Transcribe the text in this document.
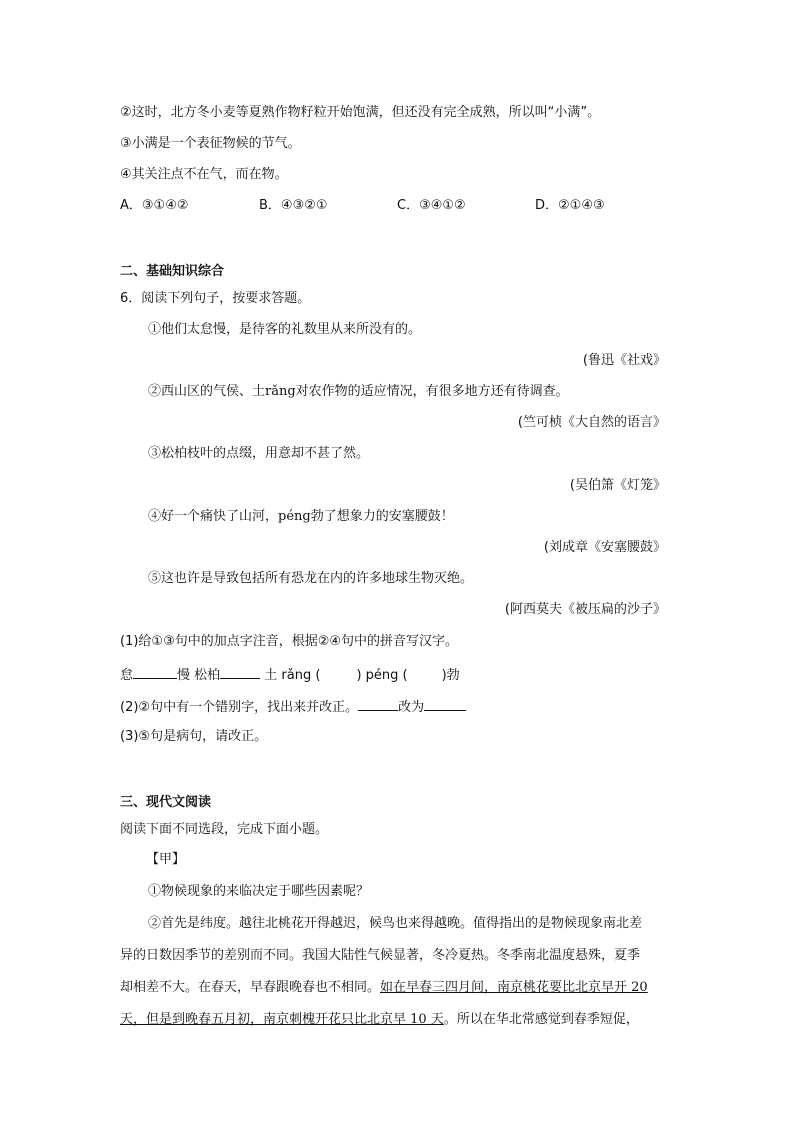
②这时，北方冬小麦等夏熟作物籽粒开始饱满，但还没有完全成熟，所以叫“小满”。
③小满是一个表征物候的节气。
④其关注点不在气，而在物。
A．③①④②	B．④③②①	C．③④①②	D．②①④③
二、基础知识综合
6．阅读下列句子，按要求答题。
①他们太怠慢，是待客的礼数里从来所没有的。
(鲁迅《社戏》
②西山区的气侯、土rǎng对农作物的适应情况，有很多地方还有待调查。
(竺可桢《大自然的语言》
③松柏枝叶的点缀，用意却不甚了然。
(吴伯箫《灯笼》
④好一个痛快了山河，péng勃了想象力的安塞腰鼓！
(刘成章《安塞腰鼓》
⑤这也许是导致包括所有恐龙在内的许多地球生物灭绝。
(阿西莫夫《被压扁的沙子》
(1)给①③句中的加点字注音，根据②④句中的拼音写汉字。
怠	慢 松柏	土 rǎng (	) péng (	)勃
(2)②句中有一个错别字，找出来并改正。	改为
(3)⑤句是病句，请改正。
三、现代文阅读
阅读下面不同选段，完成下面小题。
【甲】
①物候现象的来临决定于哪些因素呢？
②首先是纬度。越往北桃花开得越迟，候鸟也来得越晚。值得指出的是物候现象南北差
异的日数因季节的差别而不同。我国大陆性气候显著，冬冷夏热。冬季南北温度悬殊，夏季
却相差不大。在春天，早春跟晚春也不相同。如在早春三四月间，南京桃花要比北京早开 20
天，但是到晚春五月初，南京刺槐开花只比北京早 10 天。所以在华北常感觉到春季短促，
